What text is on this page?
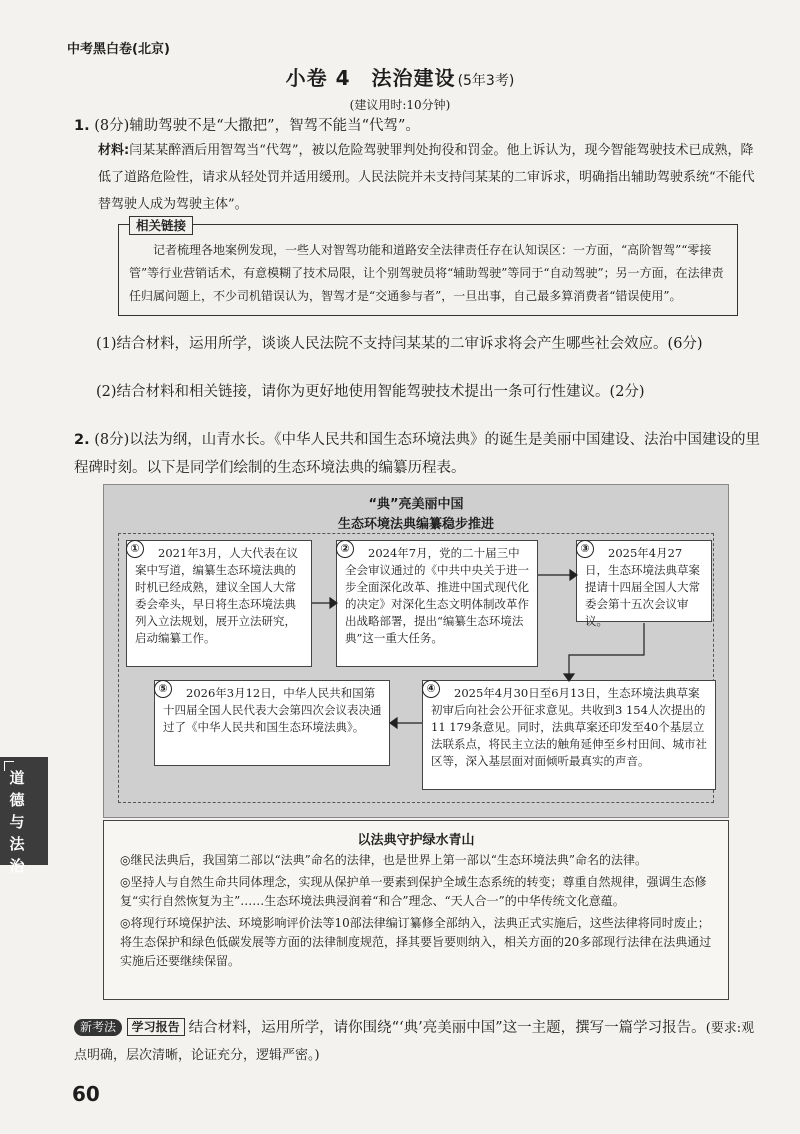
中考黑白卷(北京)
小卷 4　法治建设 (5年3考)
(建议用时:10分钟)
1. (8分)辅助驾驶不是“大撒把”，智驾不能当“代驾”。
材料:闫某某醉酒后用智驾当“代驾”，被以危险驾驶罪判处拘役和罚金。他上诉认为，现今智能驾驶技术已成熟，降低了道路危险性，请求从轻处罚并适用缓刑。人民法院并未支持闫某某的二审诉求，明确指出辅助驾驶系统“不能代替驾驶人成为驾驶主体”。
相关链接
记者梳理各地案例发现，一些人对智驾功能和道路安全法律责任存在认知误区：一方面，“高阶智驾”“零接管”等行业营销话术，有意模糊了技术局限，让个别驾驶员将“辅助驾驶”等同于“自动驾驶”；另一方面，在法律责任归属问题上，不少司机错误认为，智驾才是“交通参与者”，一旦出事，自己最多算消费者“错误使用”。
(1)结合材料，运用所学，谈谈人民法院不支持闫某某的二审诉求将会产生哪些社会效应。(6分)
(2)结合材料和相关链接，请你为更好地使用智能驾驶技术提出一条可行性建议。(2分)
2. (8分)以法为纲，山青水长。《中华人民共和国生态环境法典》的诞生是美丽中国建设、法治中国建设的里程碑时刻。以下是同学们绘制的生态环境法典的编纂历程表。
“典”亮美丽中国
生态环境法典编纂稳步推进
①	2021年3月，人大代表在议案中写道，编纂生态环境法典的时机已经成熟，建议全国人大常委会牵头，早日将生态环境法典列入立法规划，展开立法研究，启动编纂工作。
②	2024年7月，党的二十届三中全会审议通过的《中共中央关于进一步全面深化改革、推进中国式现代化的决定》对深化生态文明体制改革作出战略部署，提出“编纂生态环境法典”这一重大任务。
③	2025年4月27日，生态环境法典草案提请十四届全国人大常委会第十五次会议审议。
⑤	2026年3月12日，中华人民共和国第十四届全国人民代表大会第四次会议表决通过了《中华人民共和国生态环境法典》。
④	2025年4月30日至6月13日，生态环境法典草案初审后向社会公开征求意见。共收到3 154人次提出的11 179条意见。同时，法典草案还印发至40个基层立法联系点，将民主立法的触角延伸至乡村田间、城市社区等，深入基层面对面倾听最真实的声音。
以法典守护绿水青山
◎继民法典后，我国第二部以“法典”命名的法律，也是世界上第一部以“生态环境法典”命名的法律。
◎坚持人与自然生命共同体理念，实现从保护单一要素到保护全域生态系统的转变；尊重自然规律，强调生态修复“实行自然恢复为主”……生态环境法典浸润着“和合”理念、“天人合一”的中华传统文化意蕴。
◎将现行环境保护法、环境影响评价法等10部法律编订纂修全部纳入，法典正式实施后，这些法律将同时废止；将生态保护和绿色低碳发展等方面的法律制度规范，择其要旨要则纳入，相关方面的20多部现行法律在法典通过实施后还要继续保留。
新考法 学习报告 结合材料，运用所学，请你围绕“‘典’亮美丽中国”这一主题，撰写一篇学习报告。(要求:观点明确，层次清晰，论证充分，逻辑严密。)
60
道德与法治
